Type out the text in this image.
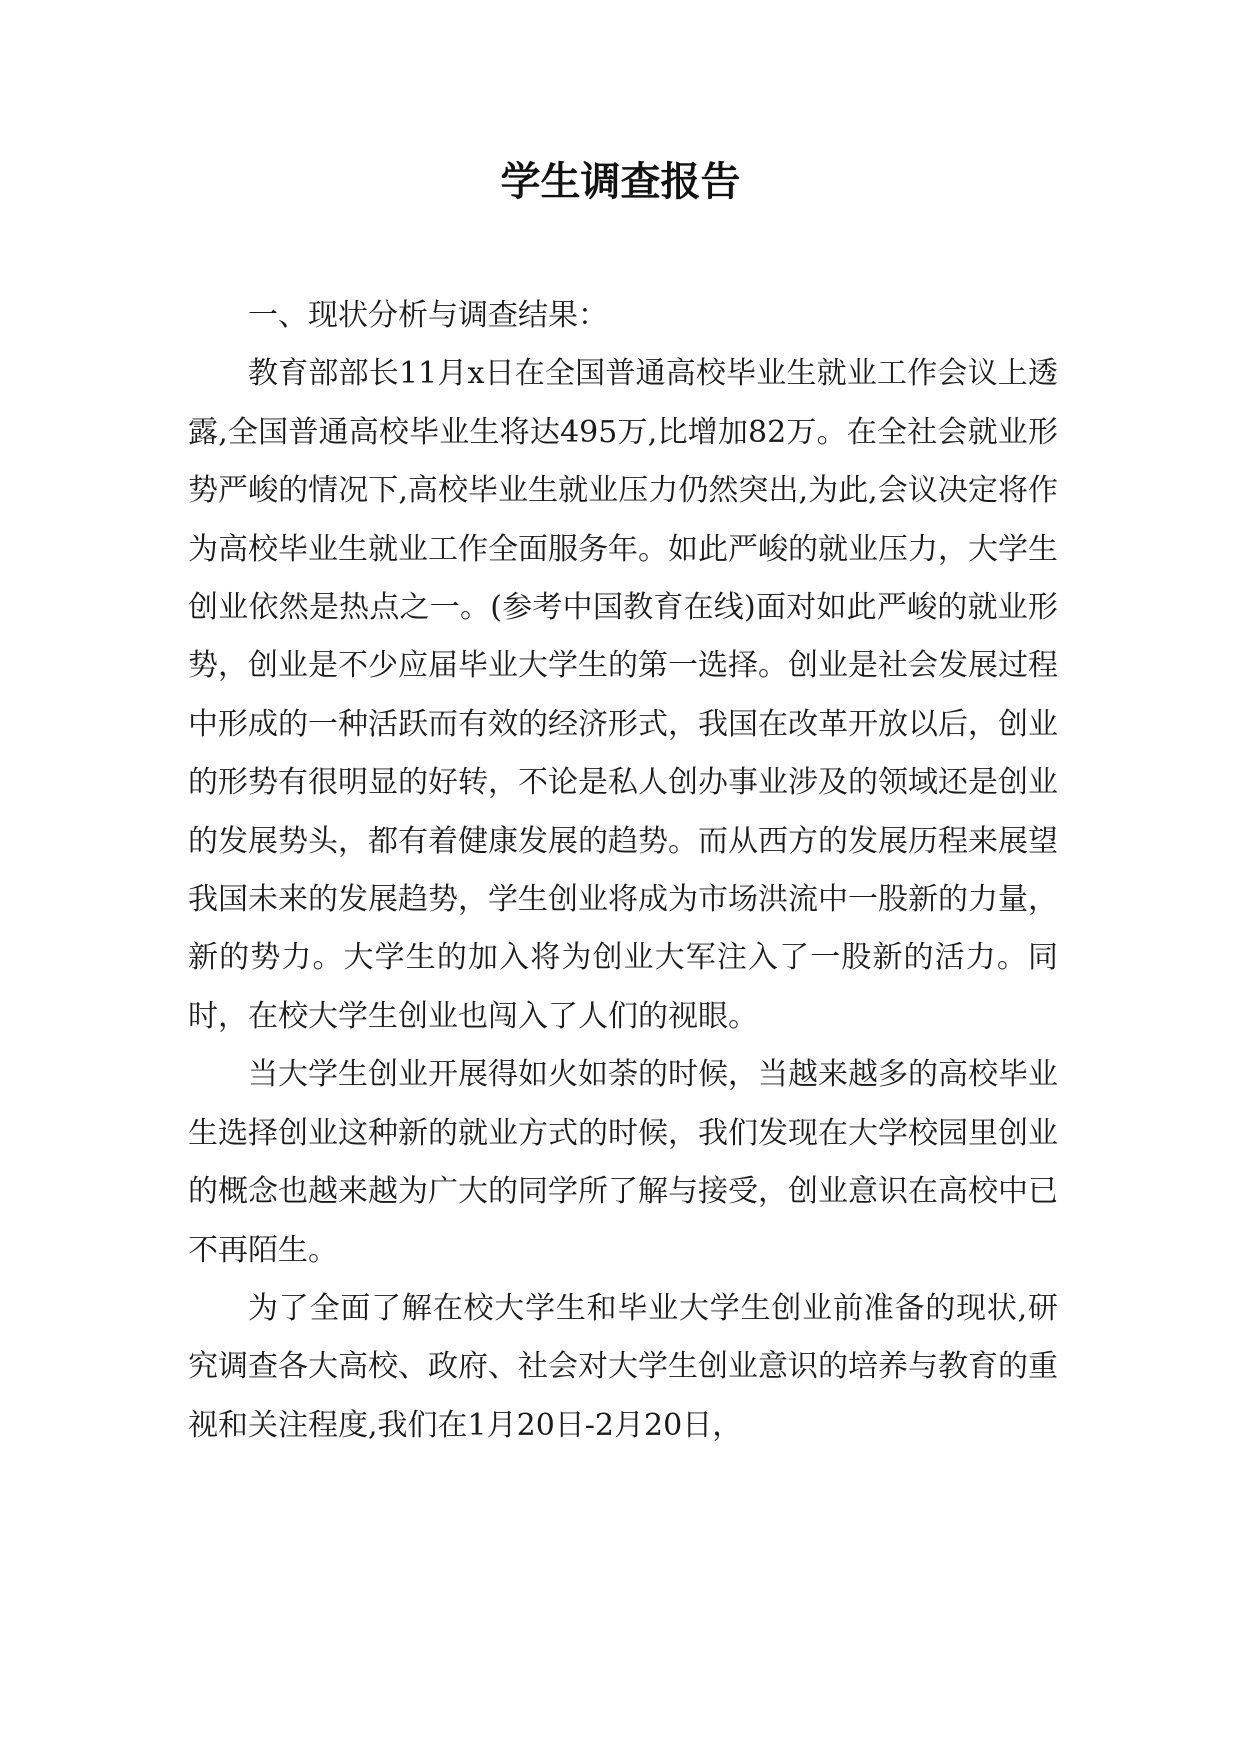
学生调查报告

一、现状分析与调查结果：

教育部部长11月x日在全国普通高校毕业生就业工作会议上透露,全国普通高校毕业生将达495万,比增加82万。在全社会就业形势严峻的情况下,高校毕业生就业压力仍然突出,为此,会议决定将作为高校毕业生就业工作全面服务年。如此严峻的就业压力，大学生创业依然是热点之一。(参考中国教育在线)面对如此严峻的就业形势，创业是不少应届毕业大学生的第一选择。创业是社会发展过程中形成的一种活跃而有效的经济形式，我国在改革开放以后，创业的形势有很明显的好转，不论是私人创办事业涉及的领域还是创业的发展势头，都有着健康发展的趋势。而从西方的发展历程来展望我国未来的发展趋势，学生创业将成为市场洪流中一股新的力量，新的势力。大学生的加入将为创业大军注入了一股新的活力。同时，在校大学生创业也闯入了人们的视眼。

当大学生创业开展得如火如荼的时候，当越来越多的高校毕业生选择创业这种新的就业方式的时候，我们发现在大学校园里创业的概念也越来越为广大的同学所了解与接受，创业意识在高校中已不再陌生。

为了全面了解在校大学生和毕业大学生创业前准备的现状,研究调查各大高校、政府、社会对大学生创业意识的培养与教育的重视和关注程度,我们在1月20日-2月20日，
